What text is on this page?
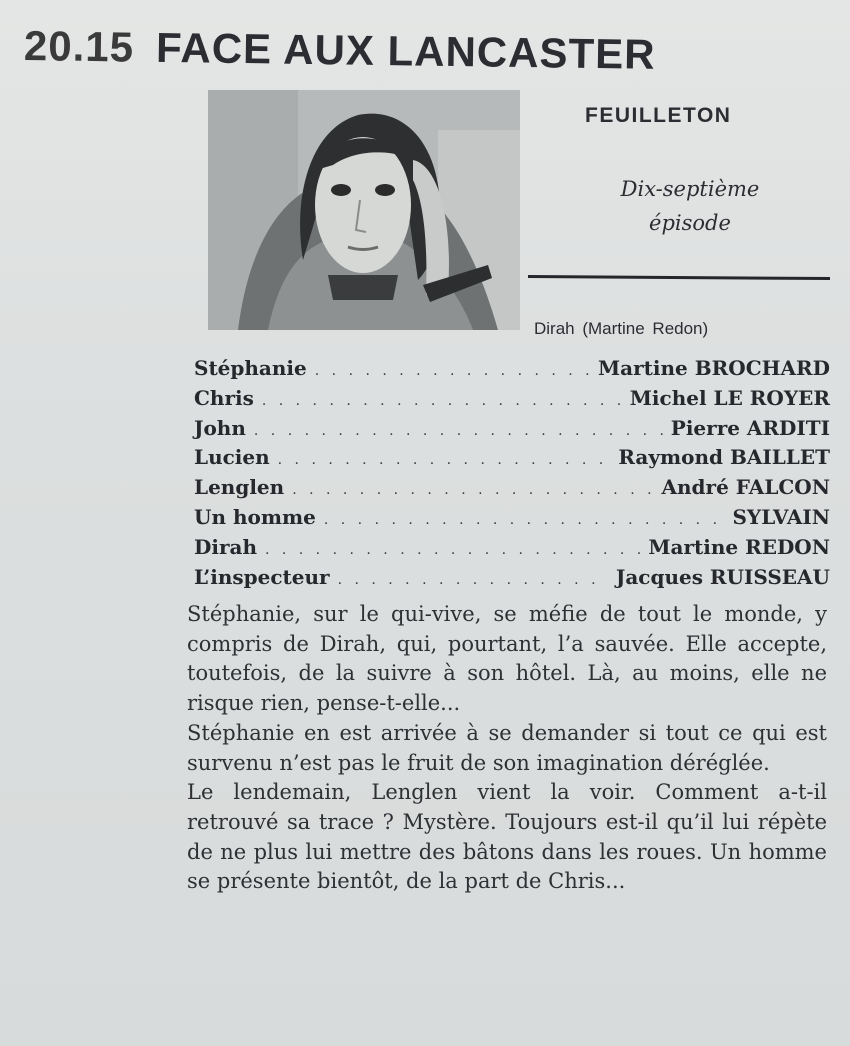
20.15 FACE AUX LANCASTER
FEUILLETON
Dix-septième
épisode
Dirah (Martine Redon)
Stéphanie . . .	Martine BROCHARD
Chris . . .	Michel LE ROYER
John . . .	Pierre ARDITI
Lucien . . .	Raymond BAILLET
Lenglen . . .	André FALCON
Un homme . . .	SYLVAIN
Dirah . . .	Martine REDON
L’inspecteur . . .	Jacques RUISSEAU

Stéphanie, sur le qui-vive, se méfie de tout le monde, y compris de Dirah, qui, pourtant, l’a sauvée. Elle accepte, toutefois, de la suivre à son hôtel. Là, au moins, elle ne risque rien, pense-t-elle...

Stéphanie en est arrivée à se demander si tout ce qui est survenu n’est pas le fruit de son imagination déréglée.

Le lendemain, Lenglen vient la voir. Comment a-t-il retrouvé sa trace ? Mystère. Toujours est-il qu’il lui répète de ne plus lui mettre des bâtons dans les roues. Un homme se présente bientôt, de la part de Chris...
